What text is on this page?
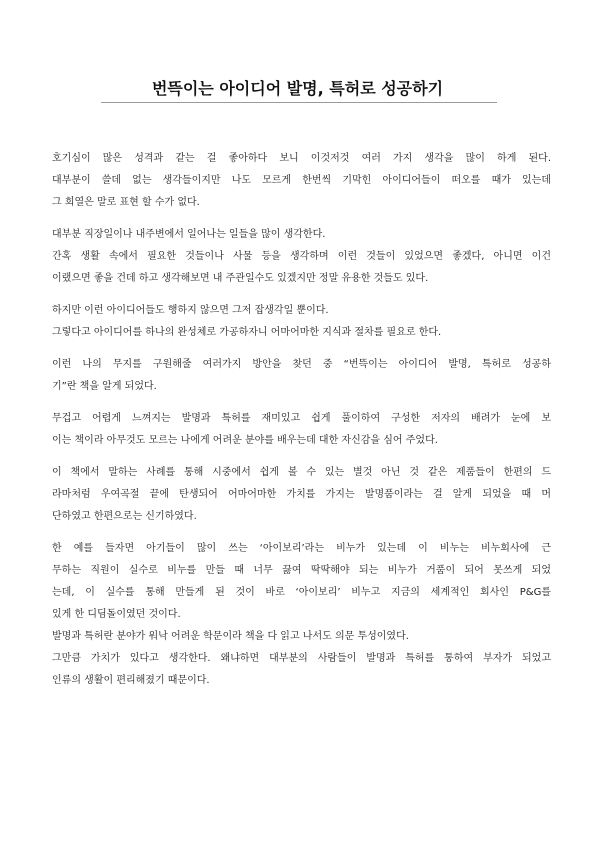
번뜩이는 아이디어 발명, 특허로 성공하기
호기심이 많은 성격과 같는 걸 좋아하다 보니 이것저것 여러 가지 생각을 많이 하게 된다.
대부분이 쓸데 없는 생각들이지만 나도 모르게 한번씩 기막힌 아이디어들이 떠오를 때가 있는데
그 희열은 말로 표현 할 수가 없다.
대부분 직장일이나 내주변에서 일어나는 일들을 많이 생각한다.
간혹 생활 속에서 필요한 것들이나 사물 등을 생각하며 이런 것들이 있었으면 좋겠다, 아니면 이건
이랬으면 좋을 건데 하고 생각해보면 내 주관일수도 있겠지만 정말 유용한 것들도 있다.
하지만 이런 아이디어들도 행하지 않으면 그저 잡생각일 뿐이다.
그렇다고 아이디어를 하나의 완성체로 가공하자니 어마어마한 지식과 절차를 필요로 한다.
이런 나의 무지를 구원해줄 여러가지 방안을 찾던 중 “번뜩이는 아이디어 발명, 특허로 성공하
기”란 책을 알게 되었다.
무겁고 어렵게 느껴지는 발명과 특허를 재미있고 쉽게 풀이하여 구성한 저자의 배려가 눈에 보
이는 책이라 아무것도 모르는 나에게 어려운 분야를 배우는데 대한 자신감을 심어 주었다.
이 책에서 말하는 사례를 통해 시중에서 쉽게 볼 수 있는 별것 아닌 것 같은 제품들이 한편의 드
라마처럼 우여곡절 끝에 탄생되어 어마어마한 가치를 가지는 발명품이라는 걸 알게 되었을 때 머
단하였고 한편으로는 신기하였다.
한 예를 들자면 아기들이 많이 쓰는 ‘아이보리’라는 비누가 있는데 이 비누는 비누회사에 근
무하는 직원이 실수로 비누를 만들 때 너무 끓여 딱딱해야 되는 비누가 거품이 되어 못쓰게 되었
는데, 이 실수를 통해 만들게 된 것이 바로 ‘아이보리’ 비누고 지금의 세계적인 회사인 P&G를
있게 한 디딤돌이였던 것이다.
발명과 특허란 분야가 워낙 어려운 학문이라 책을 다 읽고 나서도 의문 투성이였다.
그만큼 가치가 있다고 생각한다. 왜냐하면 대부분의 사람들이 발명과 특허를 통하여 부자가 되었고
인류의 생활이 편리해졌기 때문이다.
